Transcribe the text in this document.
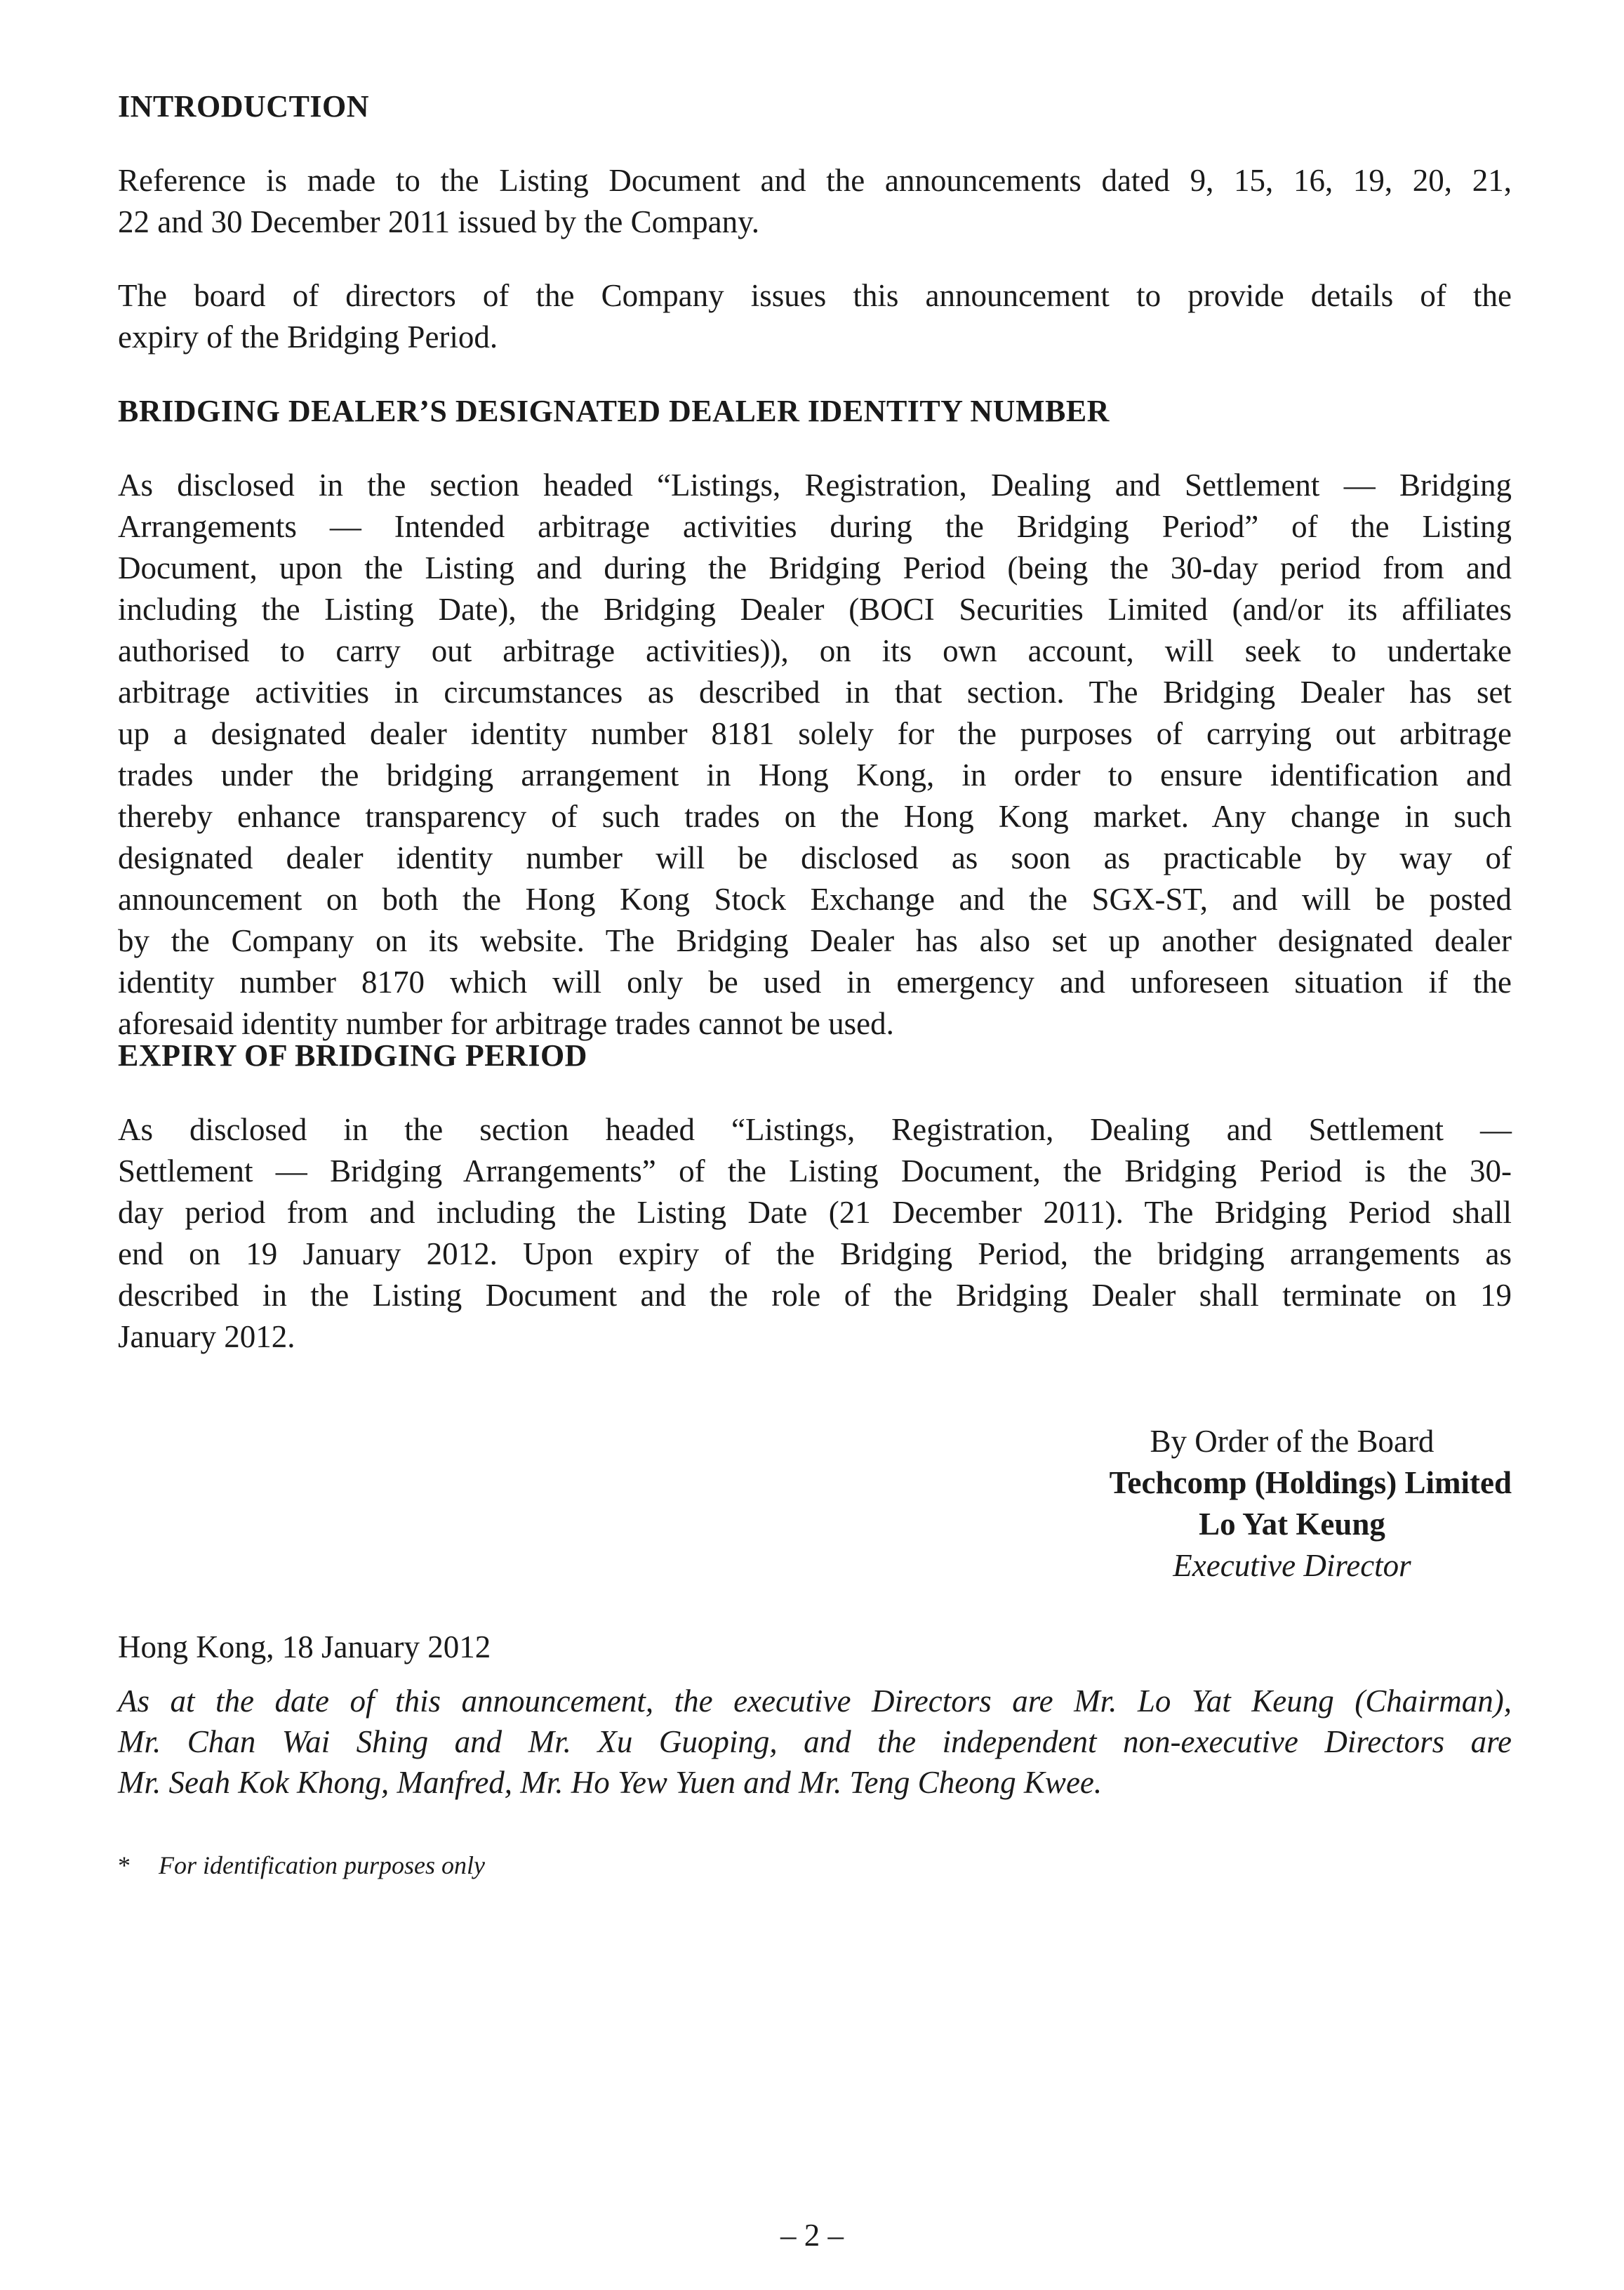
INTRODUCTION

Reference is made to the Listing Document and the announcements dated 9, 15, 16, 19, 20, 21,
22 and 30 December 2011 issued by the Company.

The board of directors of the Company issues this announcement to provide details of the
expiry of the Bridging Period.

BRIDGING DEALER’S DESIGNATED DEALER IDENTITY NUMBER

As disclosed in the section headed “Listings, Registration, Dealing and Settlement — Bridging
Arrangements — Intended arbitrage activities during the Bridging Period” of the Listing
Document, upon the Listing and during the Bridging Period (being the 30-day period from and
including the Listing Date), the Bridging Dealer (BOCI Securities Limited (and/or its affiliates
authorised to carry out arbitrage activities)), on its own account, will seek to undertake
arbitrage activities in circumstances as described in that section. The Bridging Dealer has set
up a designated dealer identity number 8181 solely for the purposes of carrying out arbitrage
trades under the bridging arrangement in Hong Kong, in order to ensure identification and
thereby enhance transparency of such trades on the Hong Kong market. Any change in such
designated dealer identity number will be disclosed as soon as practicable by way of
announcement on both the Hong Kong Stock Exchange and the SGX-ST, and will be posted
by the Company on its website. The Bridging Dealer has also set up another designated dealer
identity number 8170 which will only be used in emergency and unforeseen situation if the
aforesaid identity number for arbitrage trades cannot be used.

EXPIRY OF BRIDGING PERIOD

As disclosed in the section headed “Listings, Registration, Dealing and Settlement —
Settlement — Bridging Arrangements” of the Listing Document, the Bridging Period is the 30-
day period from and including the Listing Date (21 December 2011). The Bridging Period shall
end on 19 January 2012. Upon expiry of the Bridging Period, the bridging arrangements as
described in the Listing Document and the role of the Bridging Dealer shall terminate on 19
January 2012.

By Order of the Board
Techcomp (Holdings) Limited
Lo Yat Keung
Executive Director

Hong Kong, 18 January 2012

As at the date of this announcement, the executive Directors are Mr. Lo Yat Keung (Chairman),
Mr. Chan Wai Shing and Mr. Xu Guoping, and the independent non-executive Directors are
Mr. Seah Kok Khong, Manfred, Mr. Ho Yew Yuen and Mr. Teng Cheong Kwee.

* For identification purposes only

– 2 –
